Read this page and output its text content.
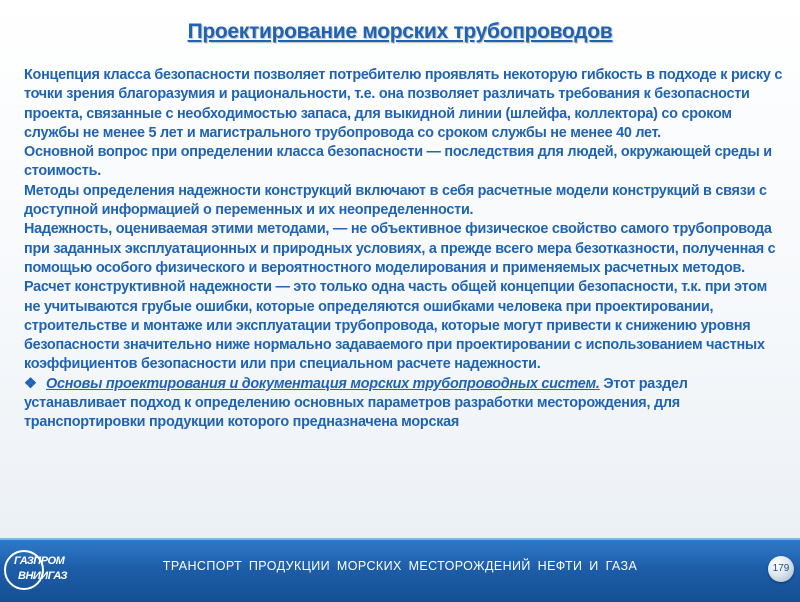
Проектирование морских трубопроводов

Концепция класса безопасности позволяет потребителю проявлять некоторую гибкость в подходе к риску с точки зрения благоразумия и рациональности, т.е. она позволяет различать требования к безопасности проекта, связанные с необходимостью запаса, для выкидной линии (шлейфа, коллектора) со сроком службы не менее 5 лет и магистрального трубопровода со сроком службы не менее 40 лет.

Основной вопрос при определении класса безопасности — последствия для людей, окружающей среды и стоимость.

Методы определения надежности конструкций включают в себя расчетные модели конструкций в связи с доступной информацией о переменных и их неопределенности.

Надежность, оцениваемая этими методами, — не объективное физическое свойство самого трубопровода при заданных эксплуатационных и природных условиях, а прежде всего мера безотказности, полученная с помощью особого физического и вероятностного моделирования и применяемых расчетных методов.

Расчет конструктивной надежности — это только одна часть общей концепции безопасности, т.к. при этом не учитываются грубые ошибки, которые определяются ошибками человека при проектировании, строительстве и монтаже или эксплуатации трубопровода, которые могут привести к снижению уровня безопасности значительно ниже нормально задаваемого при проектировании с использованием частных коэффициентов безопасности или при специальном расчете надежности.

❖ Основы проектирования и документация морских трубопроводных систем. Этот раздел устанавливает подход к определению основных параметров разработки месторождения, для транспортировки продукции которого предназначена морская

ГАЗПРОМ
ВНИИГАЗ
ТРАНСПОРТ ПРОДУКЦИИ МОРСКИХ МЕСТОРОЖДЕНИЙ НЕФТИ И ГАЗА	179
